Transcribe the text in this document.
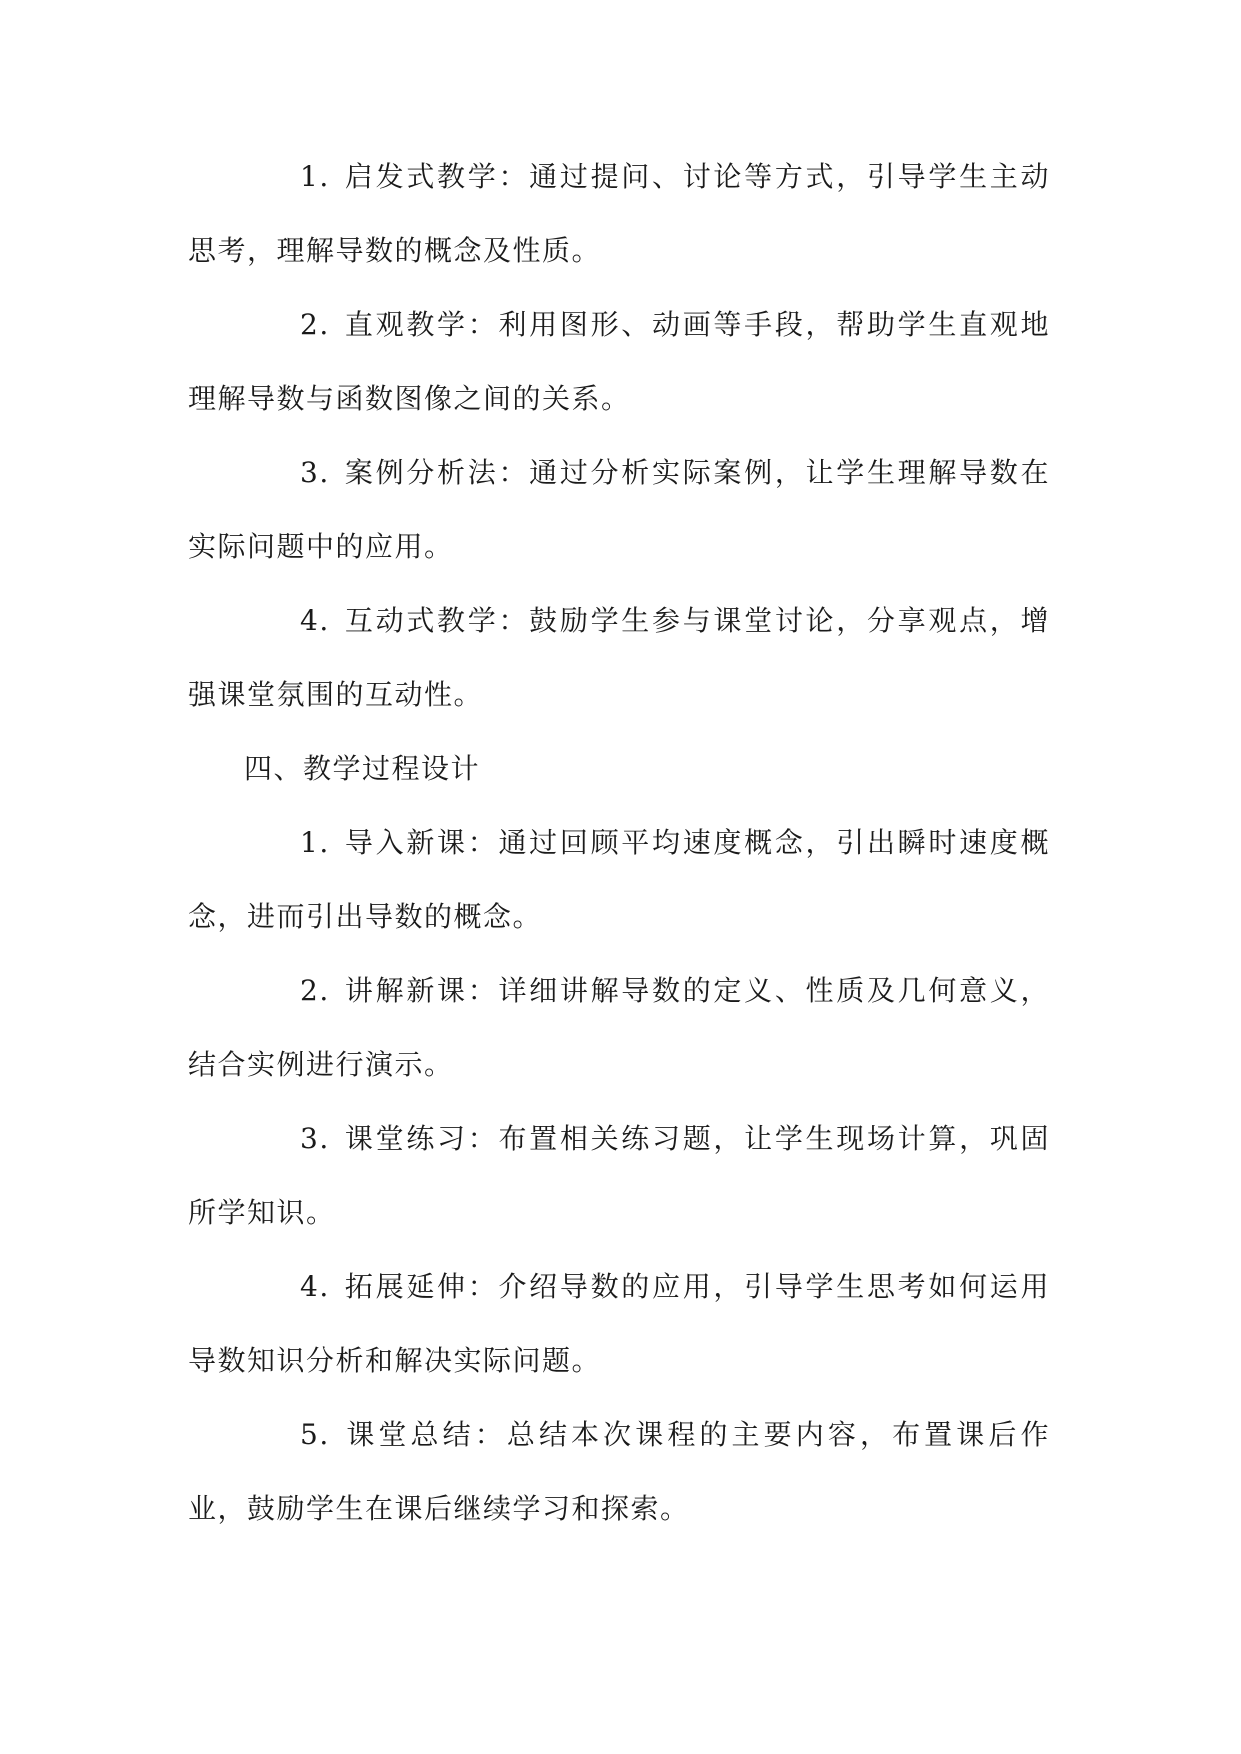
1. 启发式教学：通过提问、讨论等方式，引导学生主动思考，理解导数的概念及性质。

2. 直观教学：利用图形、动画等手段，帮助学生直观地理解导数与函数图像之间的关系。

3. 案例分析法：通过分析实际案例，让学生理解导数在实际问题中的应用。

4. 互动式教学：鼓励学生参与课堂讨论，分享观点，增强课堂氛围的互动性。

四、教学过程设计

1. 导入新课：通过回顾平均速度概念，引出瞬时速度概念，进而引出导数的概念。

2. 讲解新课：详细讲解导数的定义、性质及几何意义，结合实例进行演示。

3. 课堂练习：布置相关练习题，让学生现场计算，巩固所学知识。

4. 拓展延伸：介绍导数的应用，引导学生思考如何运用导数知识分析和解决实际问题。

5. 课堂总结：总结本次课程的主要内容，布置课后作业，鼓励学生在课后继续学习和探索。
